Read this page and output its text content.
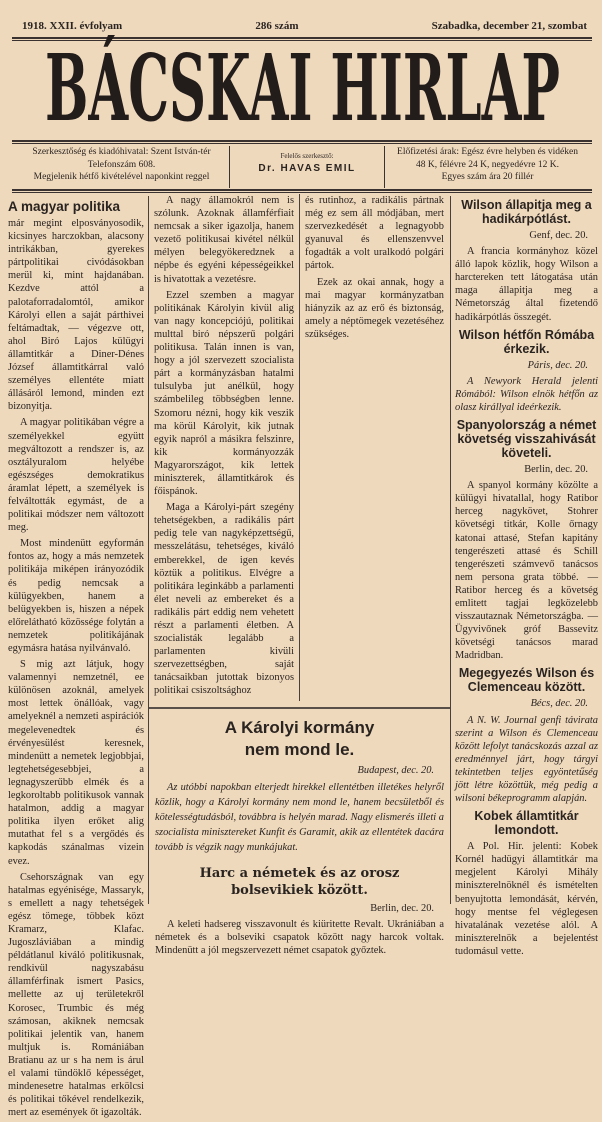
1918. XXII. évfolyam	286 szám	Szabadka, december 21, szombat
BÁCSKAI HIRLAP
Szerkesztőség és kiadóhivatal: Szent István-tér
Telefonszám 608.
Megjelenik hétfő kivételével naponkint reggel
Felelős szerkesztő:
Dr. HAVAS EMIL
Előfizetési árak: Egész évre helyben és vidéken
48 K, félévre 24 K, negyedévre 12 K.
Egyes szám ára 20 fillér
A magyar politika

már megint elposványosodik, kicsinyes harczokban, alacsony intrikákban, gyerekes pártpolitikai civódásokban merül ki, mint hajdanában. Kezdve attól a palotaforradalomtól, amikor Károlyi ellen a saját párthivei feltámadtak, — végezve ott, ahol Biró Lajos külügyi államtitkár a Diner-Dénes József államtitkárral való személyes ellentéte miatt állásáról lemond, minden ezt bizonyitja.

A magyar politikában végre a személyekkel együtt megváltozott a rendszer is, az osztályuralom helyébe egészséges demokratikus áramlat lépett, a személyek is felváltották egymást, de a politikai módszer nem változott meg.

Most mindenütt egyformán fontos az, hogy a más nemzetek politikája miképen irányozódik és pedig nemcsak a külügyekben, hanem a belügyekben is, hiszen a népek előrelátható közössége folytán a nemzetek politikájának egymásra hatása nyilvánvaló.

S mig azt látjuk, hogy valamennyi nemzetnél, ee különösen azoknál, amelyek most lettek önállóak, vagy amelyeknél a nemzeti aspirációk megelevenedtek és érvényesülést keresnek, mindenütt a nemetek legjobbjai, legtehetségesebbjei, a legnagyszerűbb elmék és a legkoroltabb politikusok vannak hatalmon, addig a magyar politika ilyen erőket alig mutathat fel s a vergődés és kapkodás szánalmas vizein evez.

Csehországnak van egy hatalmas egyénisége, Massaryk, s emellett a nagy tehetségek egész tömege, többek közt Kramarz, Klafac. Jugoszláviában a mindig példátlanul kiváló politikusnak, rendkivül nagyszabásu államférfinak ismert Pasics, mellette az uj területekről Korosec, Trumbic és még számosan, akiknek nemcsak politikai jelentik van, hanem multjuk is. Romániában Bratianu az ur s ha nem is árul el valami tündöklő képességet, mindenesetre hatalmas erkölcsi és politikai tőkével rendelkezik, mert az események őt igazolták.

A nagy államokról nem is szólunk. Azoknak államférfiait nemcsak a siker igazolja, hanem vezető politikusai kivétel nélkül mélyen belegyökeredznek a népbe és egyéni képességeikkel is hivatottak a vezetésre.

Ezzel szemben a magyar politikának Károlyin kivül alig van nagy koncepciójú, politikai multtal biró népszerű polgári politikusa. Talán innen is van, hogy a jól szervezett szocialista párt a kormányzásban hatalmi tulsulyba jut anélkül, hogy számbelileg többségben lenne. Szomoru nézni, hogy kik veszik ma körül Károlyit, kik jutnak egyik napról a másikra felszinre, kik kormányozzák Magyarországot, kik lettek miniszterek, államtitkárok és főispánok.

Maga a Károlyi-párt szegény tehetségekben, a radikális párt pedig tele van nagyképzettségű, messzelátásu, tehetséges, kiváló emberekkel, de igen kevés köztük a politikus. Elvégre a politikára leginkább a parlamenti élet neveli az embereket és a radikális párt eddig nem vehetett részt a parlamenti életben. A szocialisták legalább a parlamenten kivüli szervezettségben, saját tanácsaikban jutottak bizonyos politikai csiszoltsághoz

és rutinhoz, a radikális pártnak még ez sem áll módjában, mert szervezkedését a legnagyobb gyanuval és ellenszenvvel fogadták a volt uralkodó polgári pártok.

Ezek az okai annak, hogy a mai magyar kormányzatban hiányzik az az erő és biztonság, amely a néptömegek vezetéséhez szükséges.

A Károlyi kormány nem mond le.
Budapest, dec. 20.

Az utóbbi napokban elterjedt hirekkel ellentétben illetékes helyről közlik, hogy a Károlyi kormány nem mond le, hanem becsületből és kötelességtudásból, továbbra is helyén marad. Nagy elismerés illeti a szocialista minisztereket Kunfit és Garamit, akik az ellentétek dacára tovább is végzik nagy munkájukat.

Harc a németek és az orosz bolsevikiek között.
Berlin, dec. 20.

A keleti hadsereg visszavonult és kiüritette Revalt. Ukrániában a németek és a bolseviki csapatok között nagy harcok voltak. Mindenütt a jól megszervezett német csapatok győztek.

Wilson állapitja meg a hadikárpótlást.
Genf, dec. 20.

A francia kormányhoz közel álló lapok közlik, hogy Wilson a harctereken tett látogatása után maga állapitja meg a Németország által fizetendő hadikárpótlás összegét.

Wilson hétfőn Rómába érkezik.
Páris, dec. 20.

A Newyork Herald jelenti Rómából: Wilson elnök hétfőn az olasz királlyal ideérkezik.

Spanyolország a német követség visszahivását követeli.
Berlin, dec. 20.

A spanyol kormány közölte a külügyi hivatallal, hogy Ratibor herceg nagykövet, Stohrer követségi titkár, Kolle őrnagy katonai attasé, Stefan kapitány tengerészeti attasé és Schill tengerészeti számvevő tanácsos nem persona grata többé. — Ratibor herceg és a követség emlitett tagjai legközelebb visszautaznak Németországba. — Ügyvivőnek gróf Bassevitz követségi tanácsos marad Madridban.

Megegyezés Wilson és Clemenceau között.
Bécs, dec. 20.

A N. W. Journal genfi távirata szerint a Wilson és Clemenceau között lefolyt tanácskozás azzal az eredménnyel járt, hogy tárgyi tekintetben teljes egyöntetűség jött létre közöttük, még pedig a wilsoni békeprogramm alapján.

Kobek államtitkár lemondott.

A Pol. Hir. jelenti: Kobek Kornél hadügyi államtitkár ma megjelent Károlyi Mihály miniszterelnöknél és ismételten benyujtotta lemondását, kérvén, hogy mentse fel véglegesen hivatalának vezetése alól. A miniszterelnök a bejelentést tudomásul vette.
